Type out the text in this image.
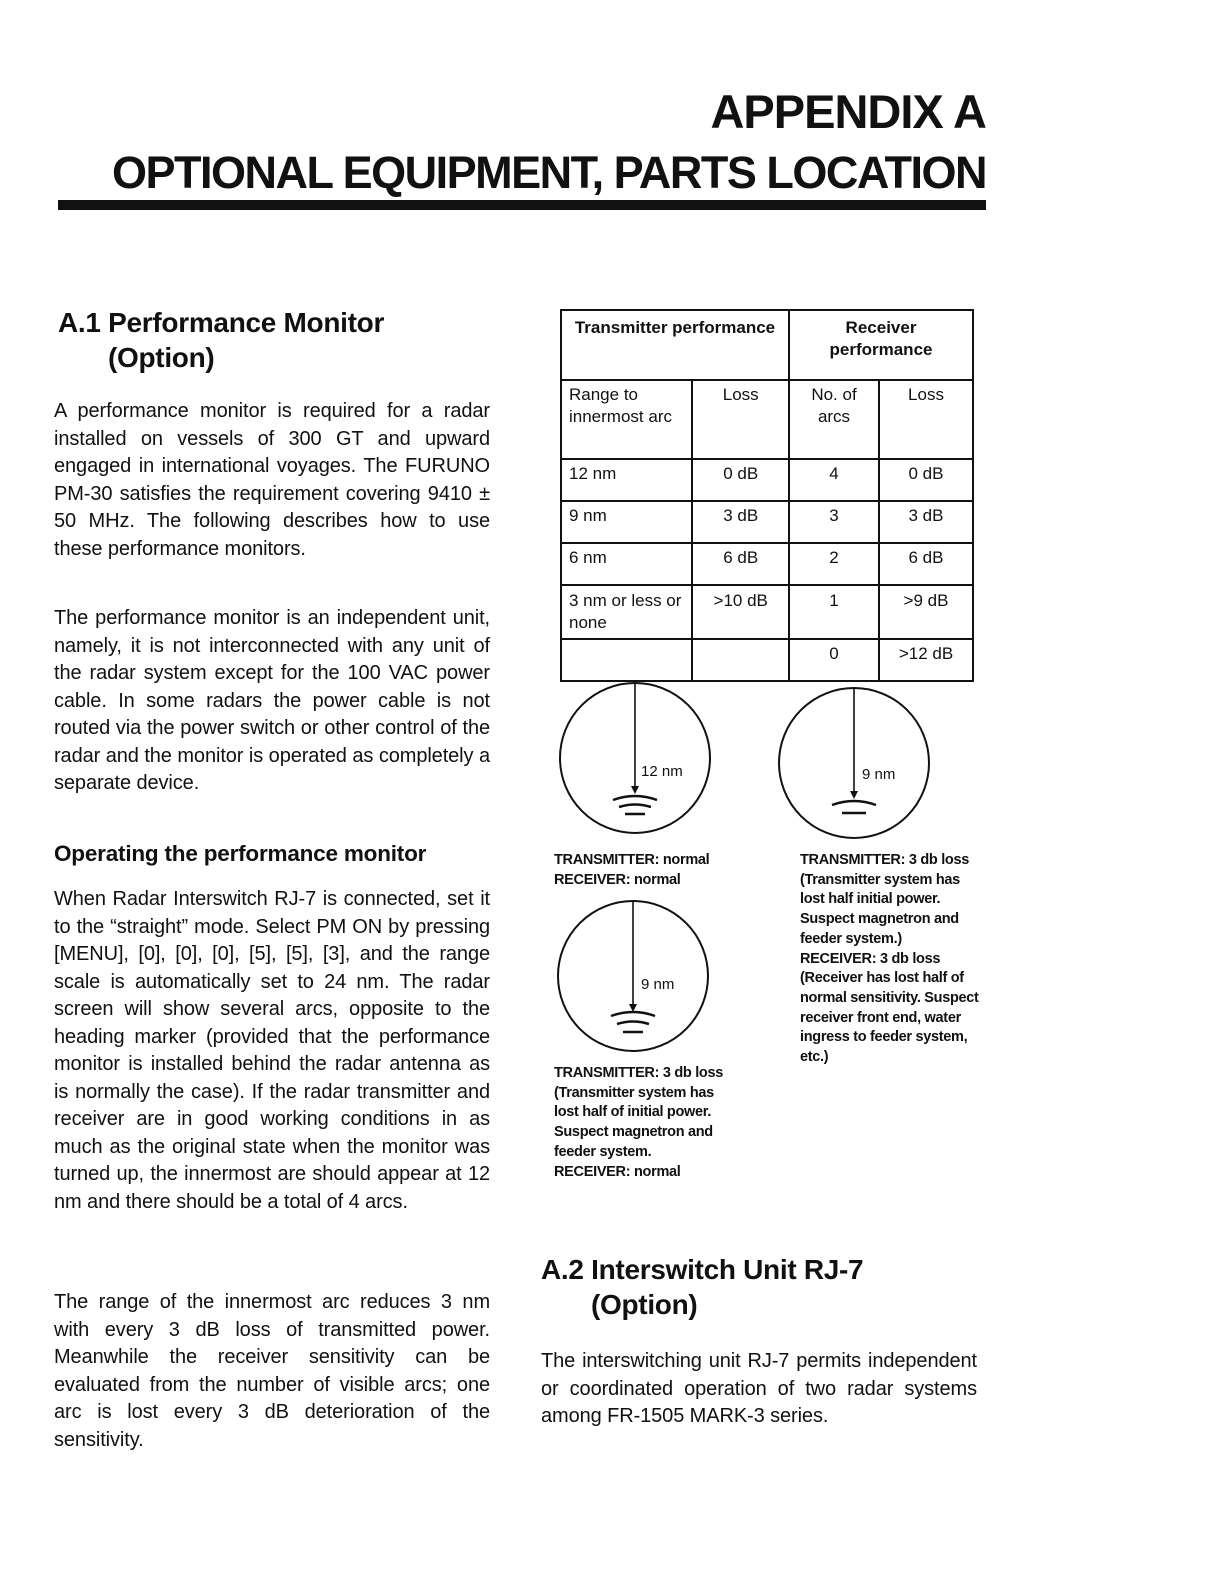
APPENDIX A
OPTIONAL EQUIPMENT, PARTS LOCATION
A.1 Performance Monitor
(Option)

A performance monitor is required for a radar installed on vessels of 300 GT and upward engaged in international voyages. The FURUNO PM-30 satisfies the requirement covering 9410 ± 50 MHz. The following describes how to use these performance monitors.

The performance monitor is an independent unit, namely, it is not interconnected with any unit of the radar system except for the 100 VAC power cable. In some radars the power cable is not routed via the power switch or other control of the radar and the monitor is operated as completely a separate device.

Operating the performance monitor

When Radar Interswitch RJ-7 is connected, set it to the “straight” mode. Select PM ON by pressing [MENU], [0], [0], [0], [5], [5], [3], and the range scale is automatically set to 24 nm. The radar screen will show several arcs, opposite to the heading marker (provided that the performance monitor is installed behind the radar antenna as is normally the case). If the radar transmitter and receiver are in good working conditions in as much as the original state when the monitor was turned up, the innermost are should appear at 12 nm and there should be a total of 4 arcs.

The range of the innermost arc reduces 3 nm with every 3 dB loss of transmitted power. Meanwhile the receiver sensitivity can be evaluated from the number of visible arcs; one arc is lost every 3 dB deterioration of the sensitivity.

Transmitter performance		Receiver performance	
Range to innermost arc	Loss	No. of arcs	Loss
12 nm	0 dB	4	0 dB
9 nm	3 dB	3	3 dB
6 nm	6 dB	2	6 dB
3 nm or less or none	>10 dB	1	>9 dB
		0	>12 dB
12 nm	9 nm
9 nm

TRANSMITTER: normal
RECEIVER: normal

TRANSMITTER: 3 db loss
(Transmitter system has
lost half initial power.
Suspect magnetron and
feeder system.)
RECEIVER: 3 db loss
(Receiver has lost half of
normal sensitivity. Suspect
receiver front end, water
ingress to feeder system,
etc.)

TRANSMITTER: 3 db loss
(Transmitter system has
lost half of initial power.
Suspect magnetron and
feeder system.
RECEIVER: normal

A.2 Interswitch Unit RJ-7
(Option)

The interswitching unit RJ-7 permits independent or coordinated operation of two radar systems among FR-1505 MARK-3 series.
